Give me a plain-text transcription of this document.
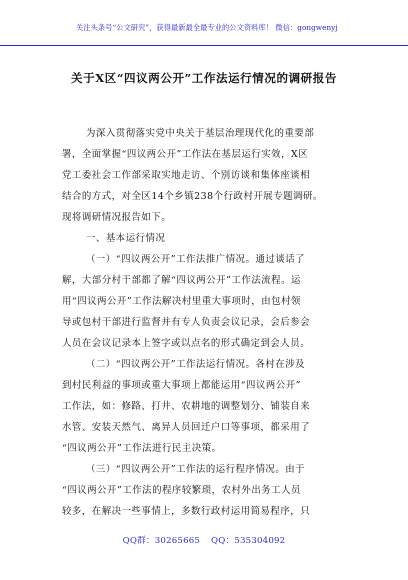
关注头条号“公文研究”，获得最新最全最专业的公文资料库！ 微信：gongwenyj
关于X区“四议两公开”工作法运行情况的调研报告
为深入贯彻落实党中央关于基层治理现代化的重要部
署，全面掌握“四议两公开”工作法在基层运行实效，X区
党工委社会工作部采取实地走访、个别访谈和集体座谈相
结合的方式，对全区14个乡镇238个行政村开展专题调研。
现将调研情况报告如下。
一、基本运行情况
（一）“四议两公开”工作法推广情况。通过谈话了
解，大部分村干部都了解“四议两公开”工作法流程。运
用“四议两公开”工作法解决村里重大事项时，由包村领
导或包村干部进行监督并有专人负责会议记录，会后参会
人员在会议记录本上签字或以点名的形式确定到会人员。
（二）“四议两公开”工作法运行情况。各村在涉及
到村民利益的事项或重大事项上都能运用“四议两公开”
工作法，如：修路、打井、农耕地的调整划分、铺装自来
水管、安装天然气、离异人员回迁户口等事项，都采用了
“四议两公开”工作法进行民主决策。
（三）“四议两公开”工作法的运行程序情况。由于
“四议两公开”工作法的程序较繁琐，农村外出务工人员
较多，在解决一些事情上，多数行政村运用简易程序，只
QQ群：30265665 QQ：535304092
